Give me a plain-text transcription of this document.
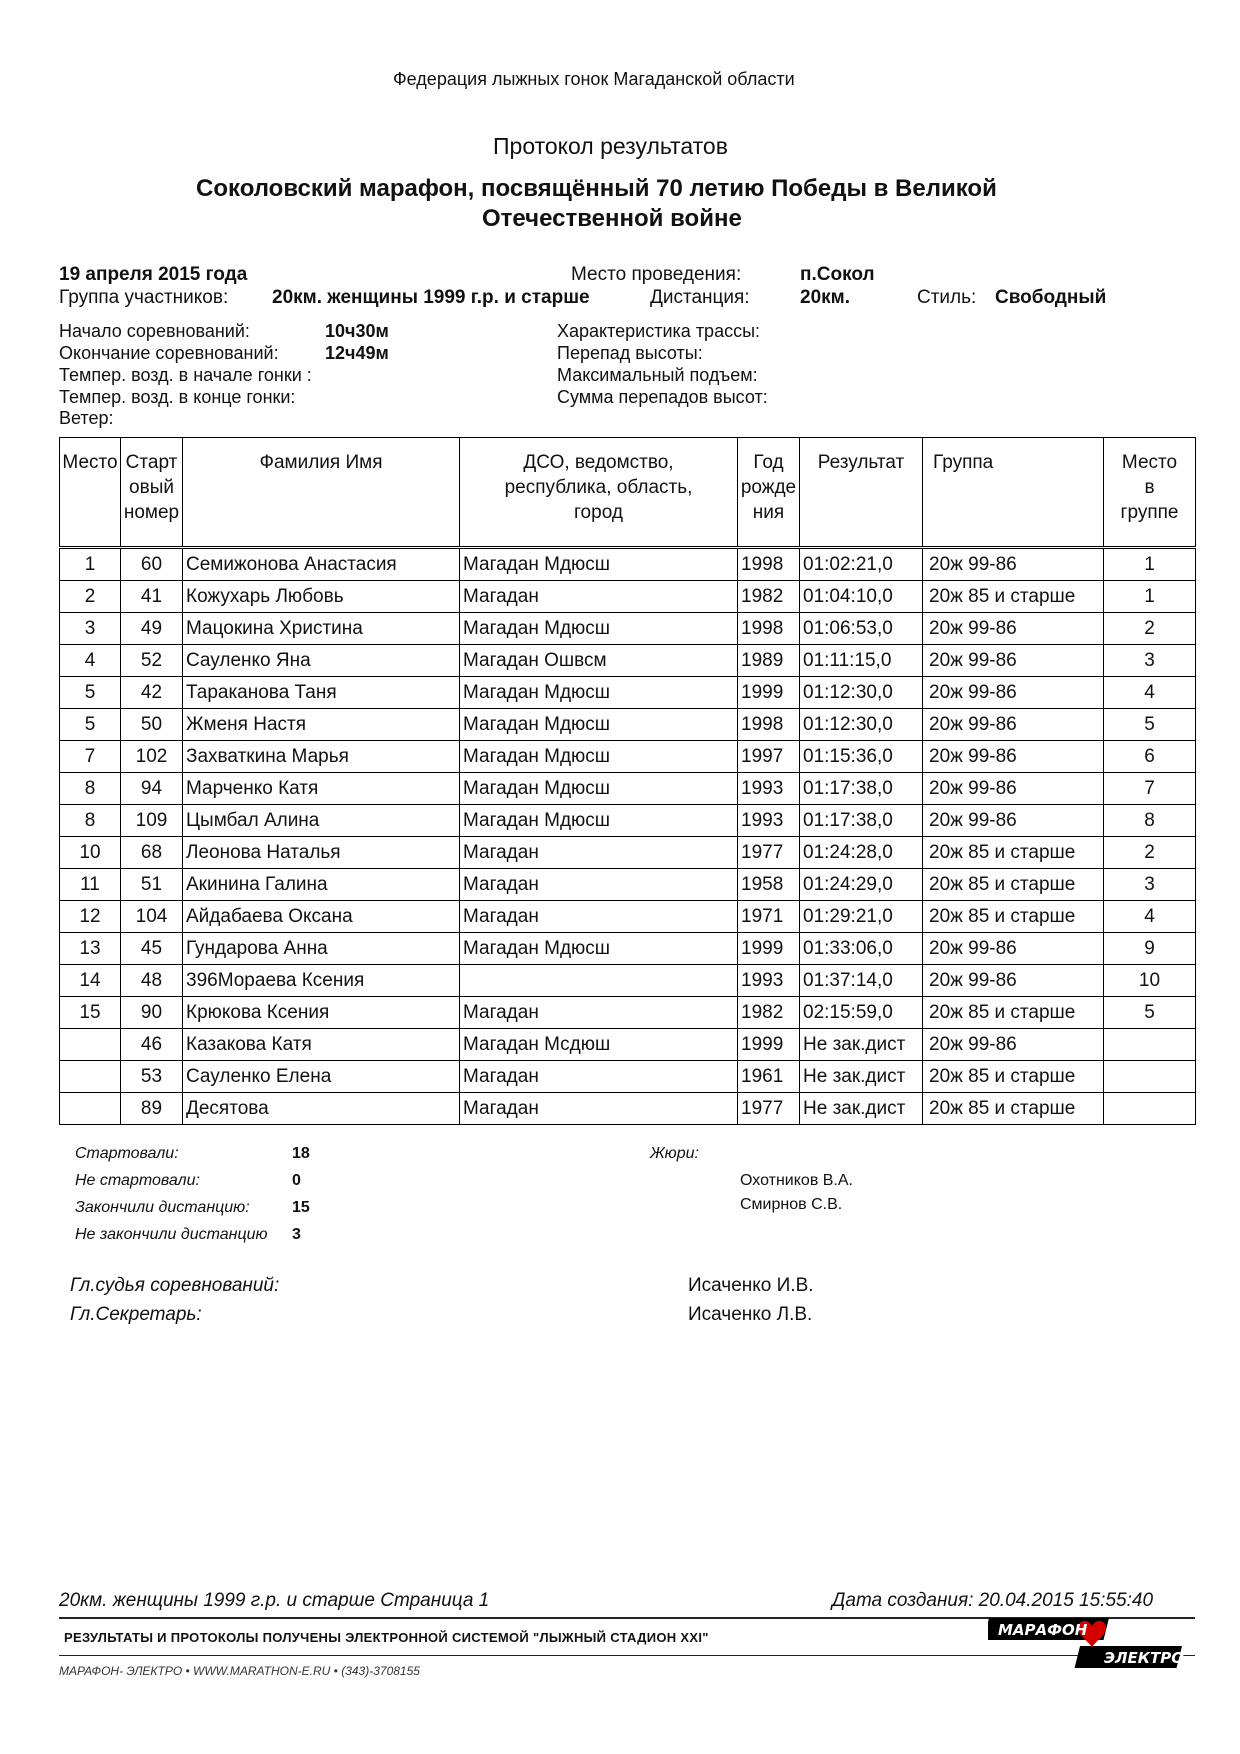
Федерация лыжных гонок Магаданской области
Протокол результатов
Соколовский марафон, посвящённый 70 летию Победы в Великой
Отечественной войне
19 апреля 2015 года	Место проведения:	п.Сокол
Группа участников: 20км. женщины 1999 г.р. и старше	Дистанция:	20км.	Стиль: Свободный
Начало соревнований:	10ч30м
Окончание соревнований:	12ч49м
Темпер. возд. в начале гонки :
Темпер. возд. в конце гонки:
Ветер:
Характеристика трассы:
Перепад высоты:
Максимальный подъем:
Сумма перепадов высот:
Место	Старт
овый
номер	Фамилия Имя	ДСО, ведомство,
республика, область,
город	Год
рожде
ния	Результат	Группа	Место
в
группе
1	60	Семижонова Анастасия	Магадан Мдюсш	1998	01:02:21,0	20ж 99-86	1
2	41	Кожухарь Любовь	Магадан	1982	01:04:10,0	20ж 85 и старше	1
3	49	Мацокина Христина	Магадан Мдюсш	1998	01:06:53,0	20ж 99-86	2
4	52	Сауленко Яна	Магадан Ошвсм	1989	01:11:15,0	20ж 99-86	3
5	42	Тараканова Таня	Магадан Мдюсш	1999	01:12:30,0	20ж 99-86	4
5	50	Жменя Настя	Магадан Мдюсш	1998	01:12:30,0	20ж 99-86	5
7	102	Захваткина Марья	Магадан Мдюсш	1997	01:15:36,0	20ж 99-86	6
8	94	Марченко Катя	Магадан Мдюсш	1993	01:17:38,0	20ж 99-86	7
8	109	Цымбал Алина	Магадан Мдюсш	1993	01:17:38,0	20ж 99-86	8
10	68	Леонова Наталья	Магадан	1977	01:24:28,0	20ж 85 и старше	2
11	51	Акинина Галина	Магадан	1958	01:24:29,0	20ж 85 и старше	3
12	104	Айдабаева Оксана	Магадан	1971	01:29:21,0	20ж 85 и старше	4
13	45	Гундарова Анна	Магадан Мдюсш	1999	01:33:06,0	20ж 99-86	9
14	48	396Мораева Ксения		1993	01:37:14,0	20ж 99-86	10
15	90	Крюкова Ксения	Магадан	1982	02:15:59,0	20ж 85 и старше	5
	46	Казакова Катя	Магадан Мсдюш	1999	Не зак.дист	20ж 99-86	
	53	Сауленко Елена	Магадан	1961	Не зак.дист	20ж 85 и старше	
	89	Десятова	Магадан	1977	Не зак.дист	20ж 85 и старше	
Стартовали:	18
Не стартовали:	0
Закончили дистанцию:	15
Не закончили дистанцию 3
Жюри:
Охотников В.А.
Смирнов С.В.
Гл.судья соревнований:	Исаченко И.В.
Гл.Секретарь:	Исаченко Л.В.
20км. женщины 1999 г.р. и старше Страница 1	Дата создания: 20.04.2015 15:55:40
РЕЗУЛЬТАТЫ И ПРОТОКОЛЫ ПОЛУЧЕНЫ ЭЛЕКТРОННОЙ СИСТЕМОЙ "ЛЫЖНЫЙ СТАДИОН XXI"
МАРАФОН- ЭЛЕКТРО • WWW.MARATHON-E.RU • (343)-3708155
МАРАФОН
ЭЛЕКТРО
